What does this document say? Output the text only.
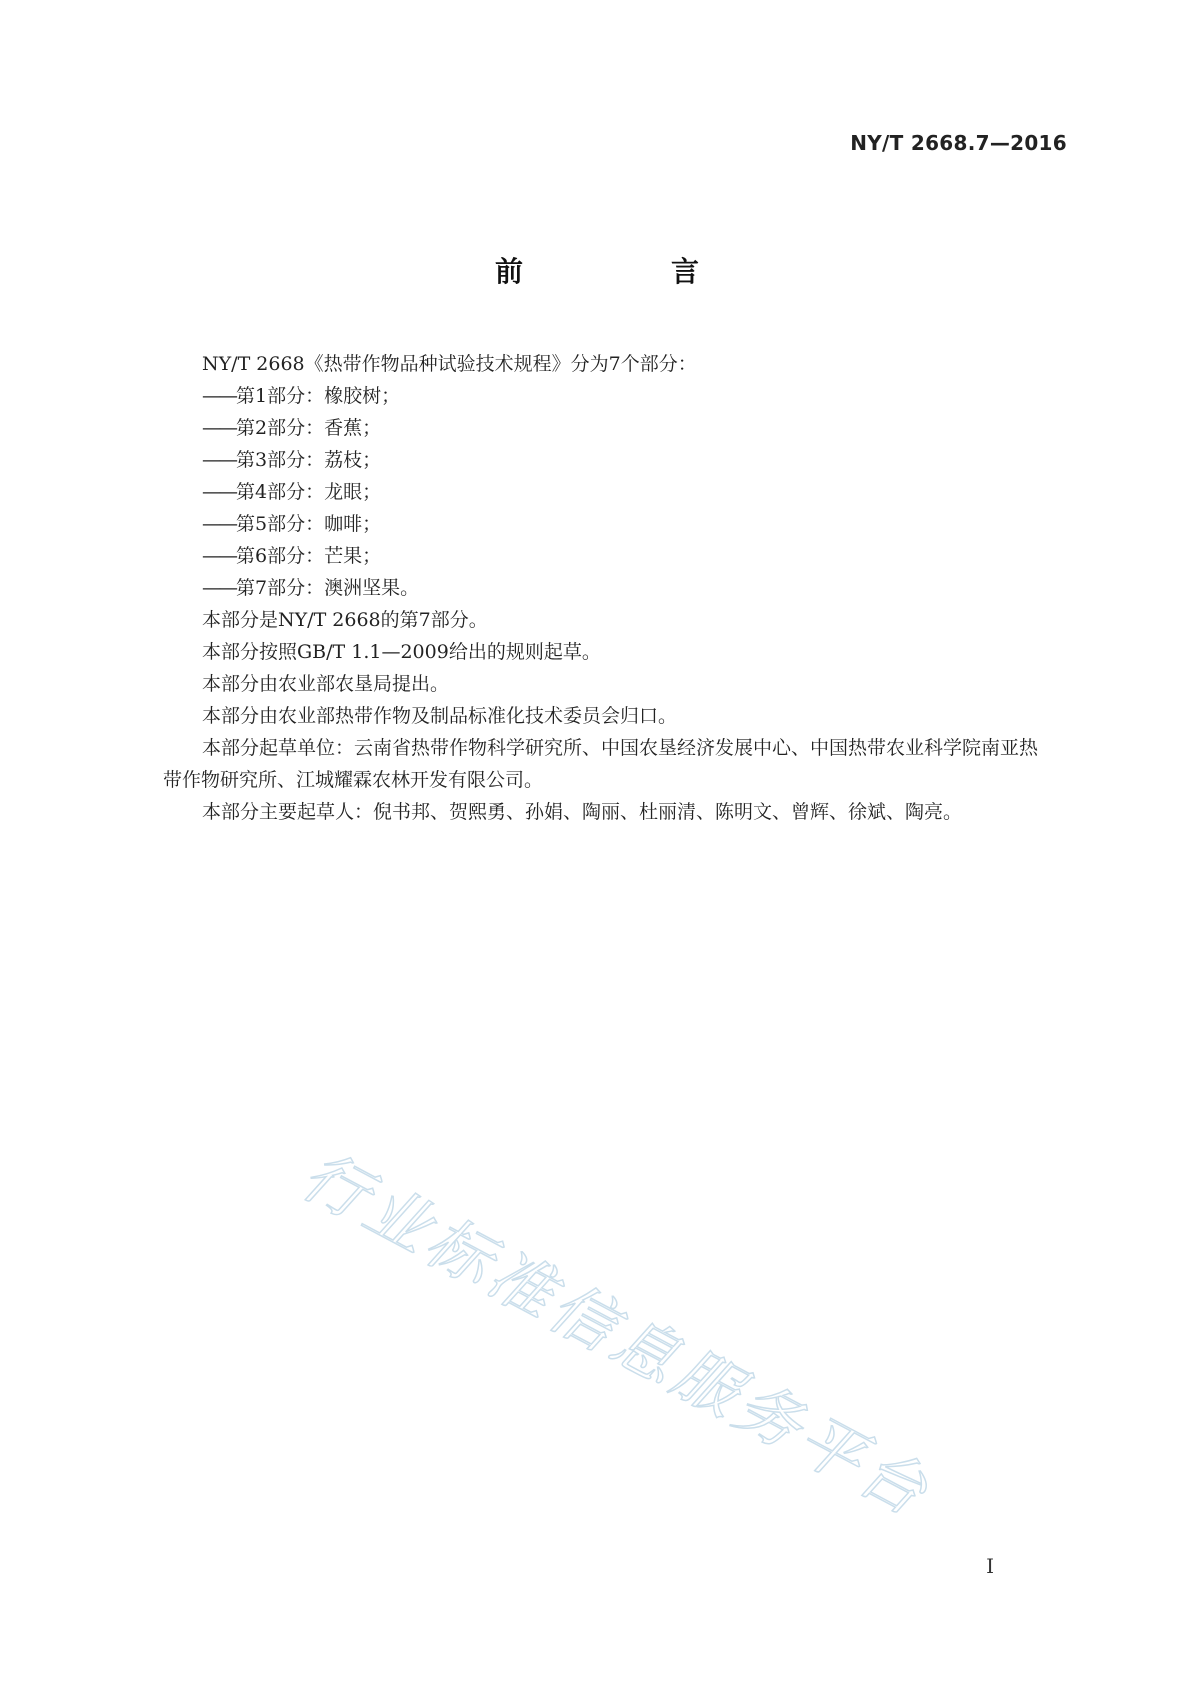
NY/T 2668.7—2016
前　言

NY/T 2668《热带作物品种试验技术规程》分为7个部分：

——第1部分：橡胶树；

——第2部分：香蕉；

——第3部分：荔枝；

——第4部分：龙眼；

——第5部分：咖啡；

——第6部分：芒果；

——第7部分：澳洲坚果。

本部分是NY/T 2668的第7部分。

本部分按照GB/T 1.1—2009给出的规则起草。

本部分由农业部农垦局提出。

本部分由农业部热带作物及制品标准化技术委员会归口。

本部分起草单位：云南省热带作物科学研究所、中国农垦经济发展中心、中国热带农业科学院南亚热带作物研究所、江城耀霖农林开发有限公司。

本部分主要起草人：倪书邦、贺熙勇、孙娟、陶丽、杜丽清、陈明文、曾辉、徐斌、陶亮。

行业标准信息服务平台
I
